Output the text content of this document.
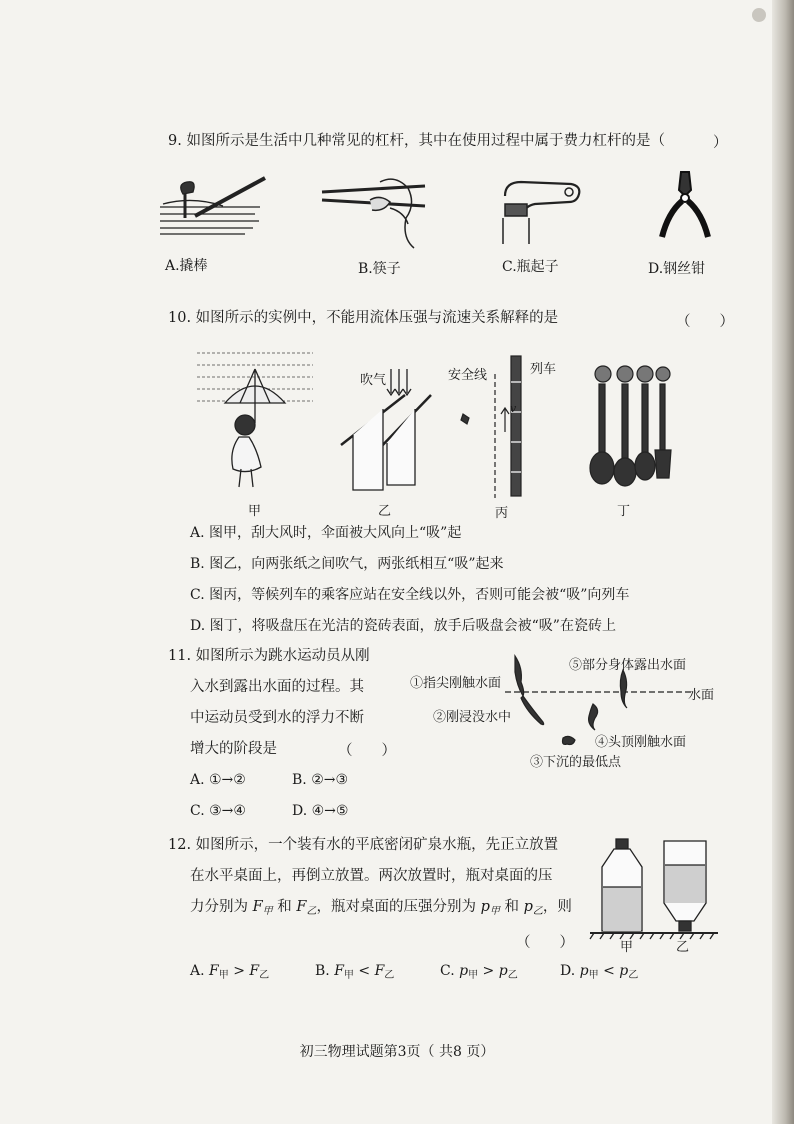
9. 如图所示是生活中几种常见的杠杆，其中在使用过程中属于费力杠杆的是（	）
A.撬棒	B.筷子	C.瓶起子	D.钢丝钳
10. 如图所示的实例中，不能用流体压强与流速关系解释的是	（　　）
甲
吹气
乙
安全线	列车
v
丙	丁
A. 图甲，刮大风时，伞面被大风向上“吸”起
B. 图乙，向两张纸之间吹气，两张纸相互“吸”起来
C. 图丙，等候列车的乘客应站在安全线以外，否则可能会被“吸”向列车
D. 图丁，将吸盘压在光洁的瓷砖表面，放手后吸盘会被“吸”在瓷砖上
11. 如图所示为跳水运动员从刚
入水到露出水面的过程。其
中运动员受到水的浮力不断
增大的阶段是	（　　）
A. ①→②	B. ②→③
C. ③→④	D. ④→⑤
①指尖刚触水面
②刚浸没水中
③下沉的最低点
④头顶刚触水面
⑤部分身体露出水面
水面
12. 如图所示，一个装有水的平底密闭矿泉水瓶，先正立放置
在水平桌面上，再倒立放置。两次放置时，瓶对桌面的压
力分别为 $F_甲$ 和 $F_乙$，瓶对桌面的压强分别为 $p_甲$ 和 $p_乙$，则
（　　）	甲	乙
A. $F_甲 > F_乙$	B. $F_甲 < F_乙$	C. $p_甲 > p_乙$	D. $p_甲 < p_乙$
初三物理试题第3页（ 共8 页）
